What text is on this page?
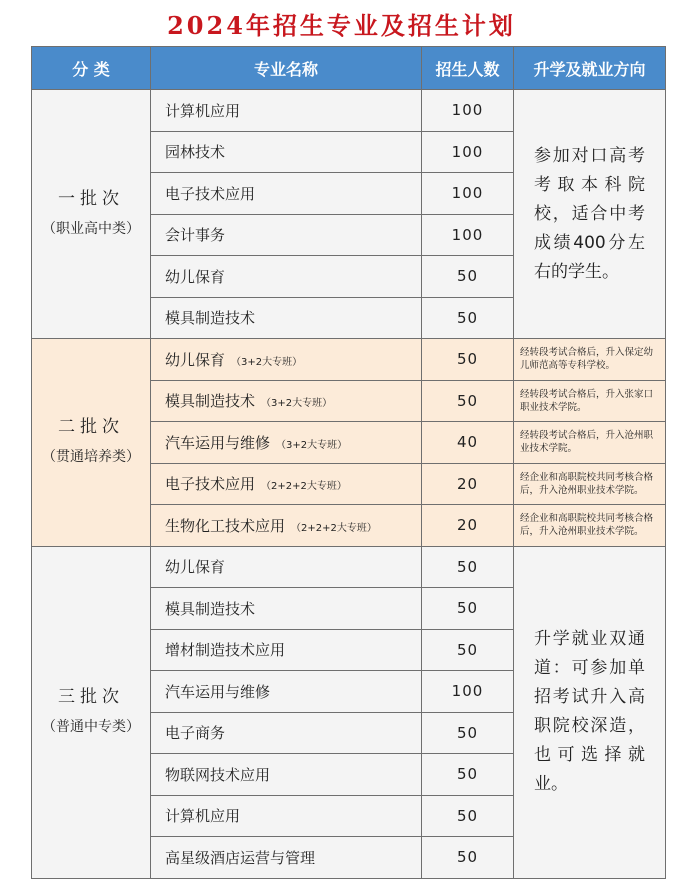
2024年招生专业及招生计划
分 类	专业名称	招生人数	升学及就业方向

一批次
（职业高中类）	计算机应用	100	参加对口高考考取本科院校，适合中考成绩400分左右的学生。
	园林技术	100	
	电子技术应用	100	
	会计事务	100	
	幼儿保育	50	
	模具制造技术	50	

二批次
（贯通培养类）	幼儿保育 （3+2大专班）	50	经转段考试合格后，升入保定幼儿师范高等专科学校。
	模具制造技术 （3+2大专班）	50	经转段考试合格后，升入张家口职业技术学院。
	汽车运用与维修 （3+2大专班）	40	经转段考试合格后，升入沧州职业技术学院。
	电子技术应用 （2+2+2大专班）	20	经企业和高职院校共同考核合格后，升入沧州职业技术学院。
	生物化工技术应用 （2+2+2大专班）	20	经企业和高职院校共同考核合格后，升入沧州职业技术学院。

三批次
（普通中专类）	幼儿保育	50	升学就业双通道：可参加单招考试升入高职院校深造，也可选择就业。
	模具制造技术	50	
	增材制造技术应用	50	
	汽车运用与维修	100	
	电子商务	50	
	物联网技术应用	50	
	计算机应用	50	
	高星级酒店运营与管理	50	
